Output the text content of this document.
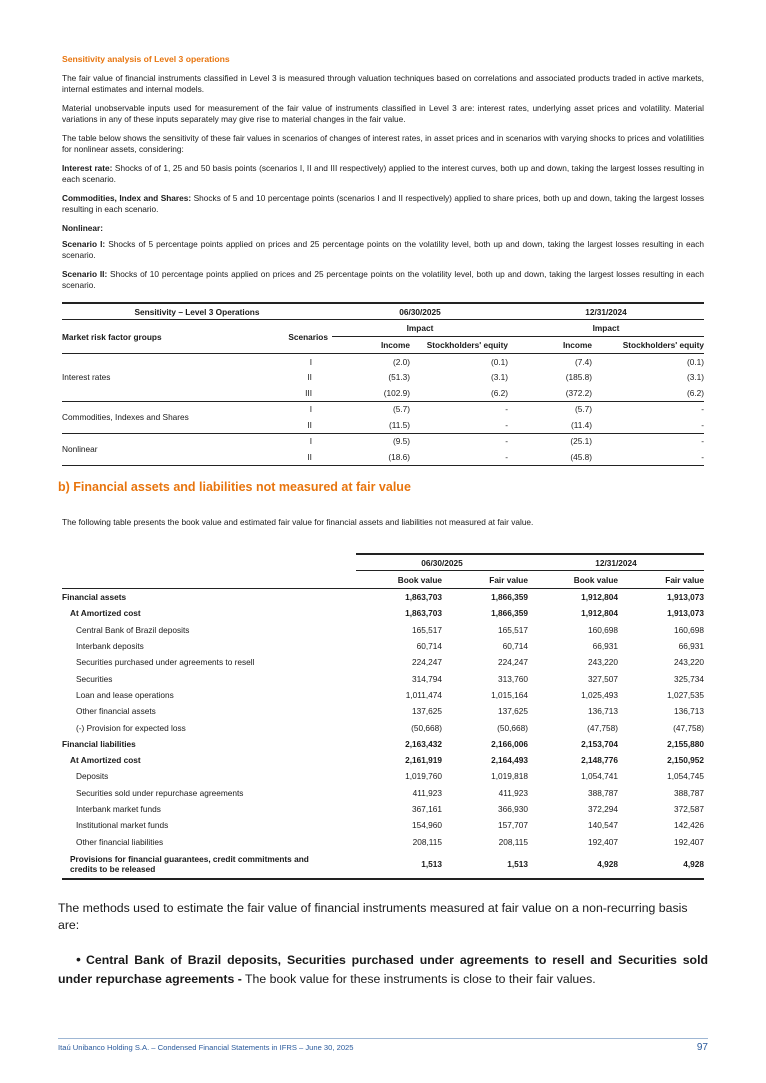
Sensitivity analysis of Level 3 operations

The fair value of financial instruments classified in Level 3 is measured through valuation techniques based on correlations and associated products traded in active markets, internal estimates and internal models.

Material unobservable inputs used for measurement of the fair value of instruments classified in Level 3 are: interest rates, underlying asset prices and volatility. Material variations in any of these inputs separately may give rise to material changes in the fair value.

The table below shows the sensitivity of these fair values in scenarios of changes of interest rates, in asset prices and in scenarios with varying shocks to prices and volatilities for nonlinear assets, considering:

Interest rate: Shocks of of 1, 25 and 50 basis points (scenarios I, II and III respectively) applied to the interest curves, both up and down, taking the largest losses resulting in each scenario.

Commodities, Index and Shares: Shocks of 5 and 10 percentage points (scenarios I and II respectively) applied to share prices, both up and down, taking the largest losses resulting in each scenario.

Nonlinear:

Scenario I: Shocks of 5 percentage points applied on prices and 25 percentage points on the volatility level, both up and down, taking the largest losses resulting in each scenario.

Scenario II: Shocks of 10 percentage points applied on prices and 25 percentage points on the volatility level, both up and down, taking the largest losses resulting in each scenario.

Sensitivity – Level 3 Operations		06/30/2025		12/31/2024	
Market risk factor groups	Scenarios	Impact		Impact	
		Income	Stockholders' equity	Income	Stockholders' equity
Interest rates	I	(2.0)	(0.1)	(7.4)	(0.1)
	II	(51.3)	(3.1)	(185.8)	(3.1)
	III	(102.9)	(6.2)	(372.2)	(6.2)
Commodities, Indexes and Shares	I	(5.7)	-	(5.7)	-
	II	(11.5)	-	(11.4)	-
Nonlinear	I	(9.5)	-	(25.1)	-
	II	(18.6)	-	(45.8)	-
b) Financial assets and liabilities not measured at fair value
The following table presents the book value and estimated fair value for financial assets and liabilities not measured at fair value.
	06/30/2025		12/31/2024	
	Book value	Fair value	Book value	Fair value
Financial assets	1,863,703	1,866,359	1,912,804	1,913,073
At Amortized cost	1,863,703	1,866,359	1,912,804	1,913,073
Central Bank of Brazil deposits	165,517	165,517	160,698	160,698
Interbank deposits	60,714	60,714	66,931	66,931
Securities purchased under agreements to resell	224,247	224,247	243,220	243,220
Securities	314,794	313,760	327,507	325,734
Loan and lease operations	1,011,474	1,015,164	1,025,493	1,027,535
Other financial assets	137,625	137,625	136,713	136,713
(-) Provision for expected loss	(50,668)	(50,668)	(47,758)	(47,758)
Financial liabilities	2,163,432	2,166,006	2,153,704	2,155,880
At Amortized cost	2,161,919	2,164,493	2,148,776	2,150,952
Deposits	1,019,760	1,019,818	1,054,741	1,054,745
Securities sold under repurchase agreements	411,923	411,923	388,787	388,787
Interbank market funds	367,161	366,930	372,294	372,587
Institutional market funds	154,960	157,707	140,547	142,426
Other financial liabilities	208,115	208,115	192,407	192,407
Provisions for financial guarantees, credit commitments and credits to be released	1,513	1,513	4,928	4,928

The methods used to estimate the fair value of financial instruments measured at fair value on a non-recurring basis are:

• Central Bank of Brazil deposits, Securities purchased under agreements to resell and Securities sold under repurchase agreements - The book value for these instruments is close to their fair values.

Itaú Unibanco Holding S.A. – Condensed Financial Statements in IFRS – June 30, 2025	97
